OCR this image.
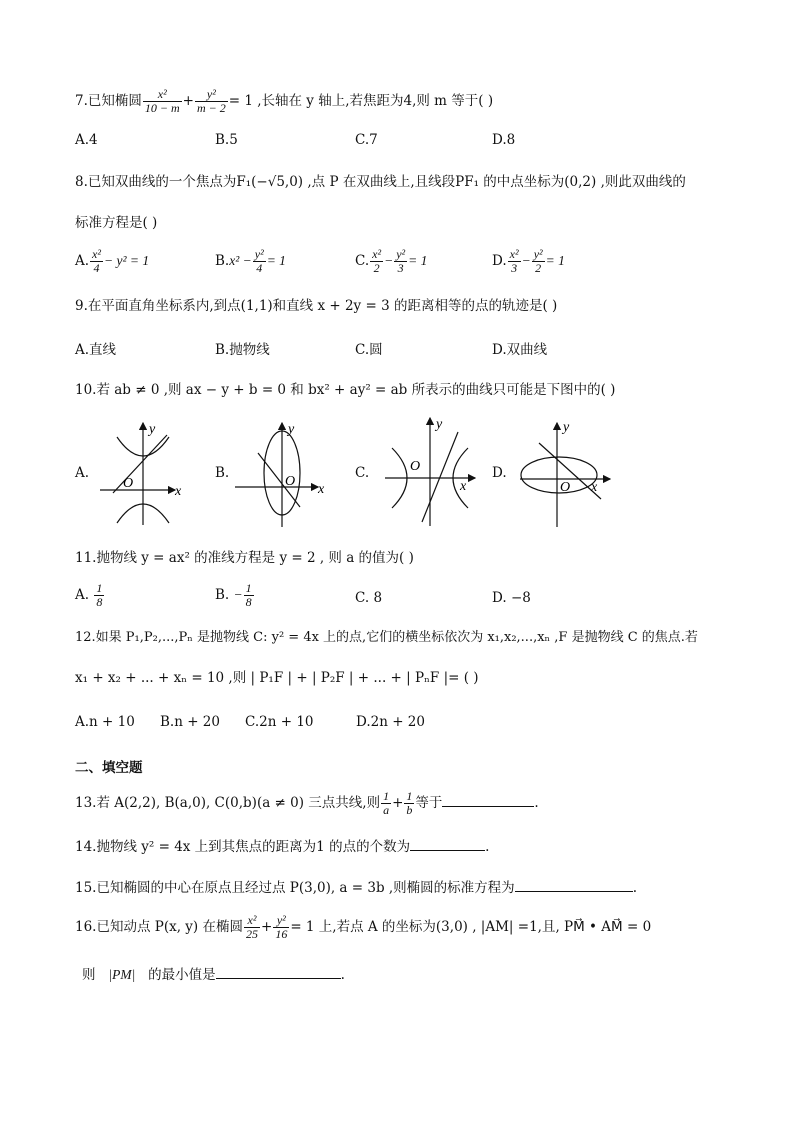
7.已知椭圆 $\frac{\text{x²}}{10 - m} + \frac{\text{y²}}{m - 2} = 1$ ,长轴在 y 轴上,若焦距为4,则 m 等于( )
A.4	B.5	C.7	D.8
8.已知双曲线的一个焦点为F₁(−√5,0) ,点 P 在双曲线上,且线段PF₁ 的中点坐标为(0,2) ,则此双曲线的
标准方程是( )
A. $\frac{\text{x²}}{4} - y^2 = 1$	$B.x^2 - \frac{\text{y²}}{4} = 1$	C. $\frac{\text{x²}}{2} - \frac{\text{y²}}{3} = 1$	D. $\frac{\text{x²}}{3} - \frac{\text{y²}}{2} = 1$
9.在平面直角坐标系内,到点(1,1)和直线 x + 2y = 3 的距离相等的点的轨迹是( )
A.直线	B.抛物线	C.圆	D.双曲线
10.若 ab ≠ 0 ,则 ax − y + b = 0 和 bx² + ay² = ab 所表示的曲线只可能是下图中的( )
A.	B.	C.	D.
y
x
O
y
x
O
y
x
O
y
x
O
11.抛物线 y = ax² 的准线方程是 y = 2 , 则 a 的值为( )
A. $\frac{1}{8}$	B. − $\frac{1}{8}$	C. 8	D. −8
12.如果 P₁,P₂,...,Pₙ 是抛物线 C: y² = 4x 上的点,它们的横坐标依次为 x₁,x₂,...,xₙ ,F 是抛物线 C 的焦点.若
x₁ + x₂ + ... + xₙ = 10 ,则 | P₁F | + | P₂F | + ... + | PₙF |= ( )
A.n + 10 B.n + 20 C.2n + 10	D.2n + 20
二、填空题
13.若 A(2,2), B(a,0), C(0,b)(a ≠ 0) 三点共线,则 $\frac{1}{a} + \frac{1}{b}$ 等于	.
14.抛物线 y² = 4x 上到其焦点的距离为1 的点的个数为	.
15.已知椭圆的中心在原点且经过点 P(3,0), a = 3b ,则椭圆的标准方程为	.
16.已知动点 P(x, y) 在椭圆 $\frac{\text{x²}}{25} + \frac{\text{y²}}{16} = 1$ 上,若点 A 的坐标为(3,0) , |AM| =1,且, PM⃗ • AM⃗ = 0
则 |PM| 的最小值是	.
